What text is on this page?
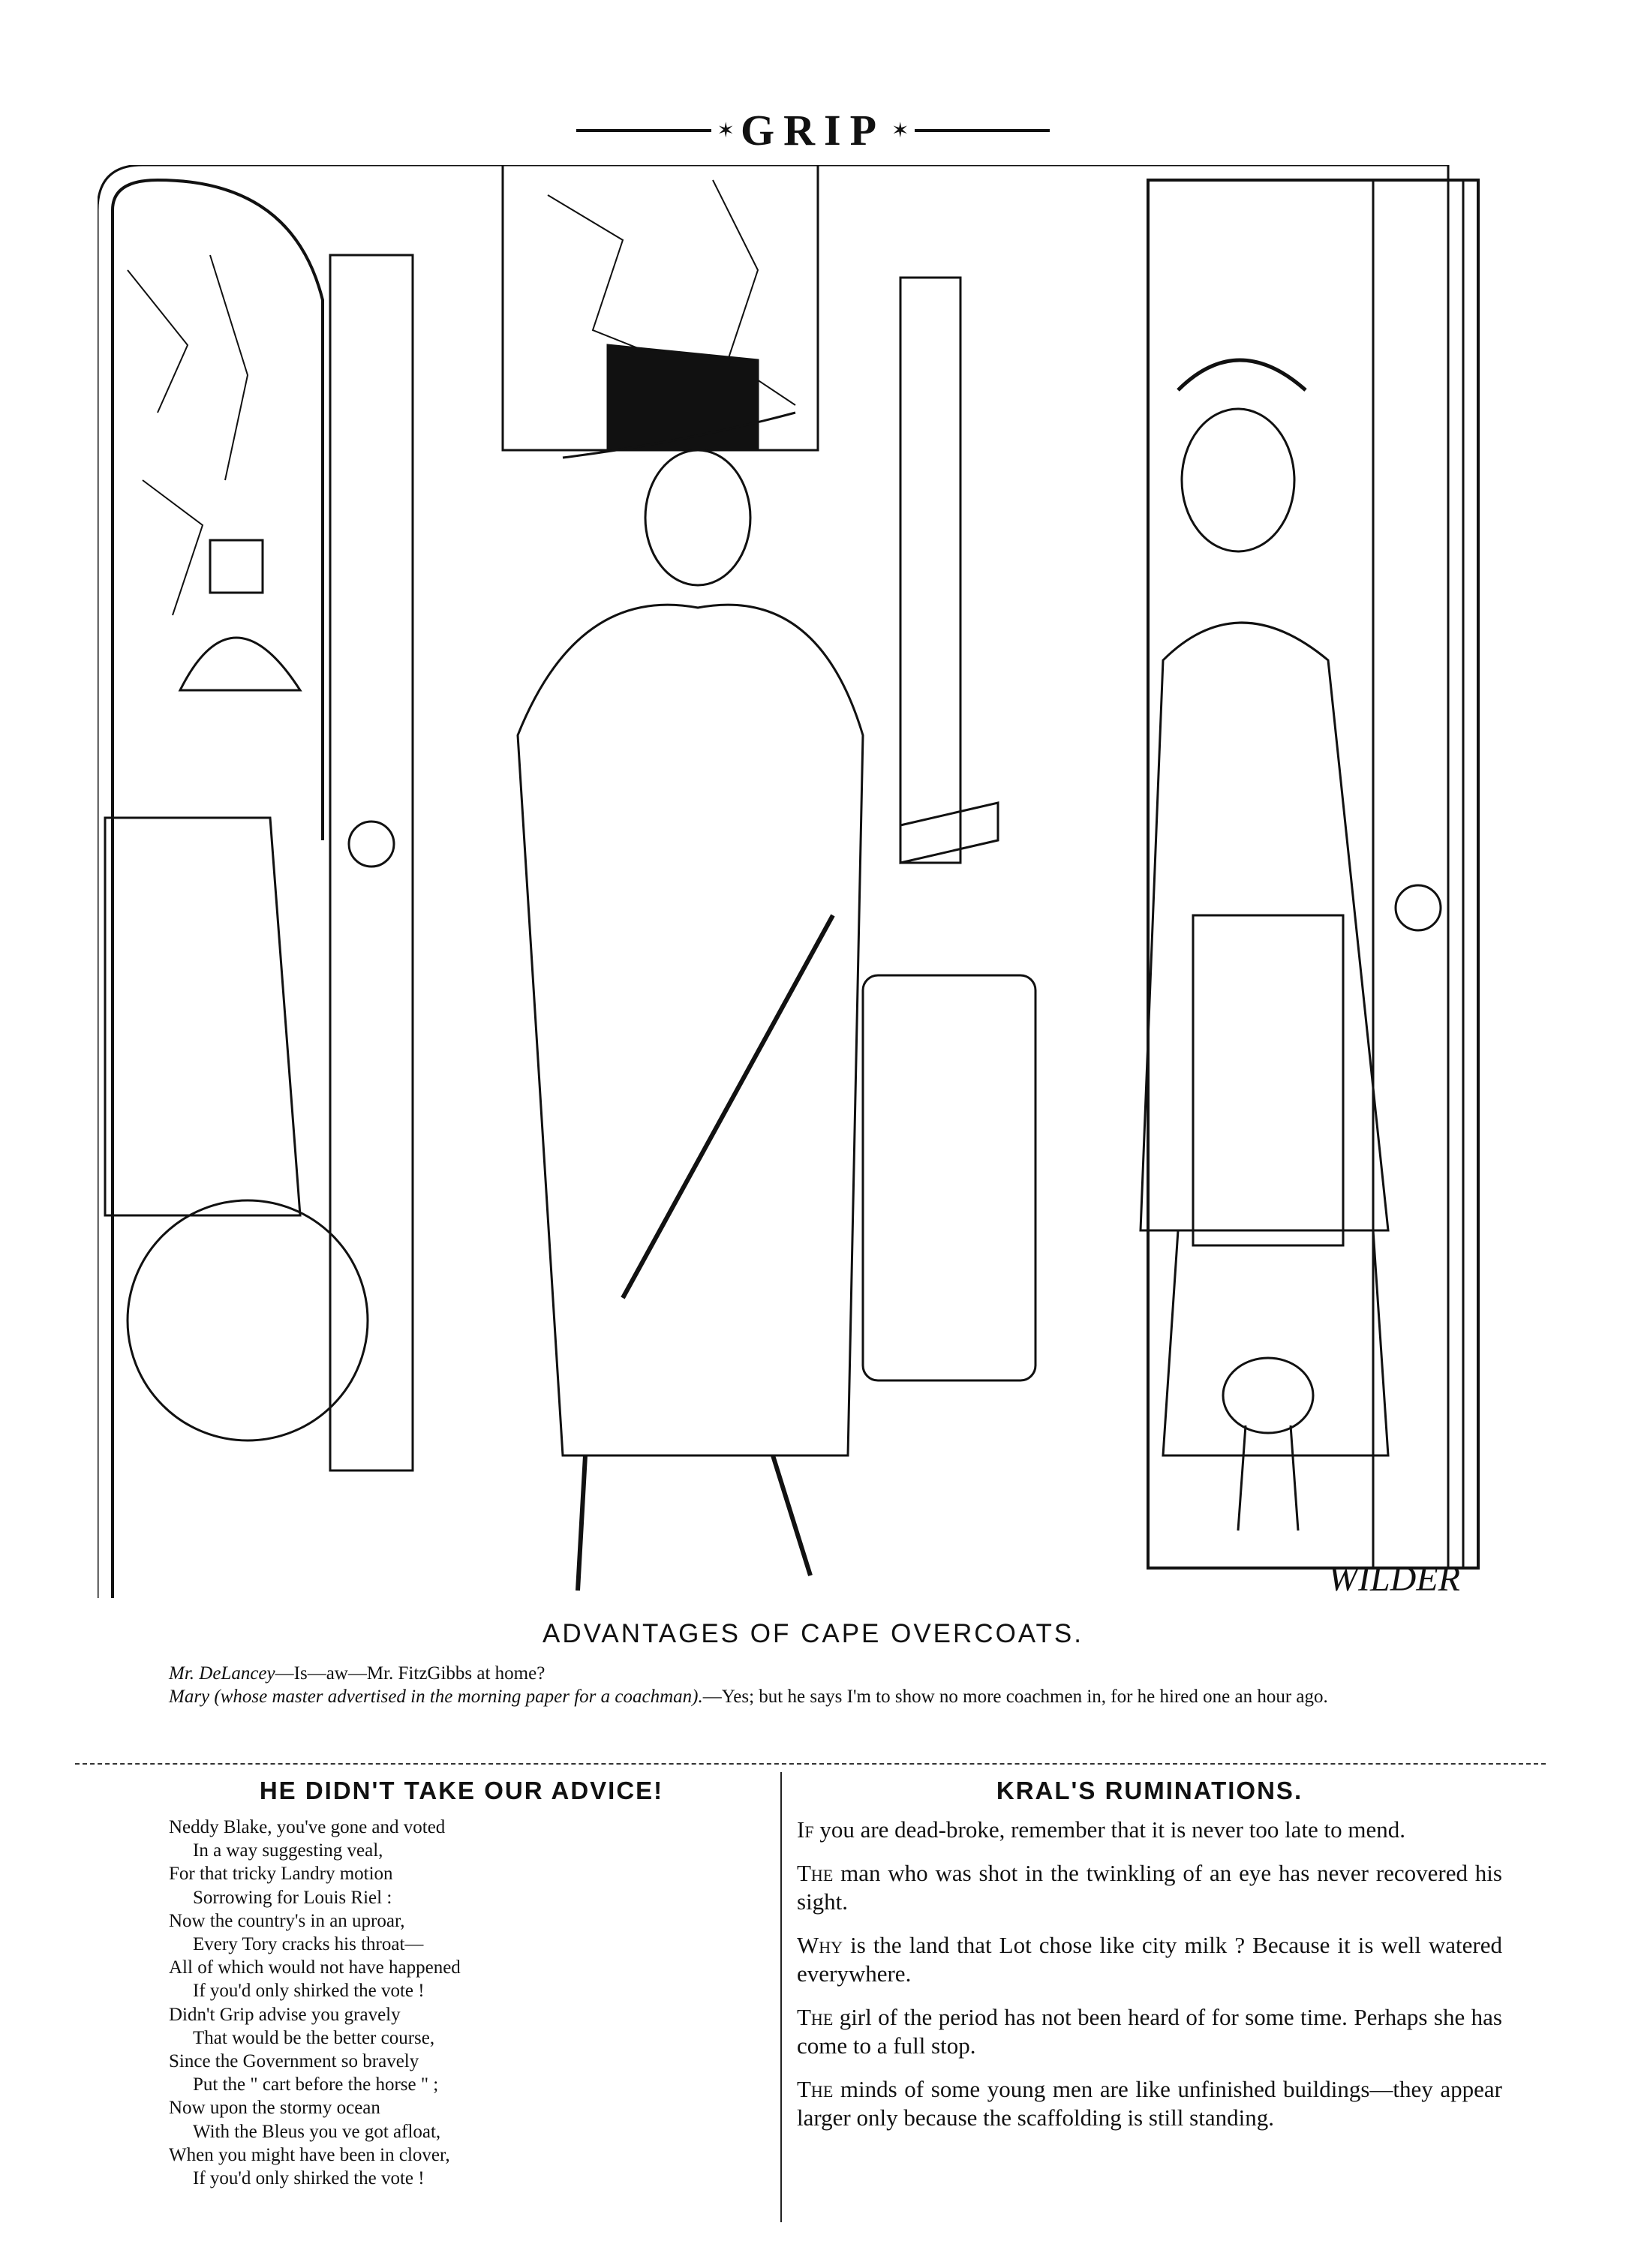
✶ GRIP ✶
WILDER
ADVANTAGES OF CAPE OVERCOATS.

Mr. DeLancey—Is—aw—Mr. FitzGibbs at home?

Mary (whose master advertised in the morning paper for a coachman).—Yes; but he says I'm to show no more coachmen in, for he hired one an hour ago.

HE DIDN'T TAKE OUR ADVICE!
Neddy Blake, you've gone and voted
In a way suggesting veal,
For that tricky Landry motion
Sorrowing for Louis Riel :
Now the country's in an uproar,
Every Tory cracks his throat—
All of which would not have happened
If you'd only shirked the vote !
Didn't Grip advise you gravely
That would be the better course,
Since the Government so bravely
Put the " cart before the horse " ;
Now upon the stormy ocean
With the Bleus you ve got afloat,
When you might have been in clover,
If you'd only shirked the vote !
KRAL'S RUMINATIONS.

If you are dead-broke, remember that it is never too late to mend.

The man who was shot in the twinkling of an eye has never recovered his sight.

Why is the land that Lot chose like city milk ? Because it is well watered everywhere.

The girl of the period has not been heard of for some time. Perhaps she has come to a full stop.

The minds of some young men are like unfinished buildings—they appear larger only because the scaffolding is still standing.
